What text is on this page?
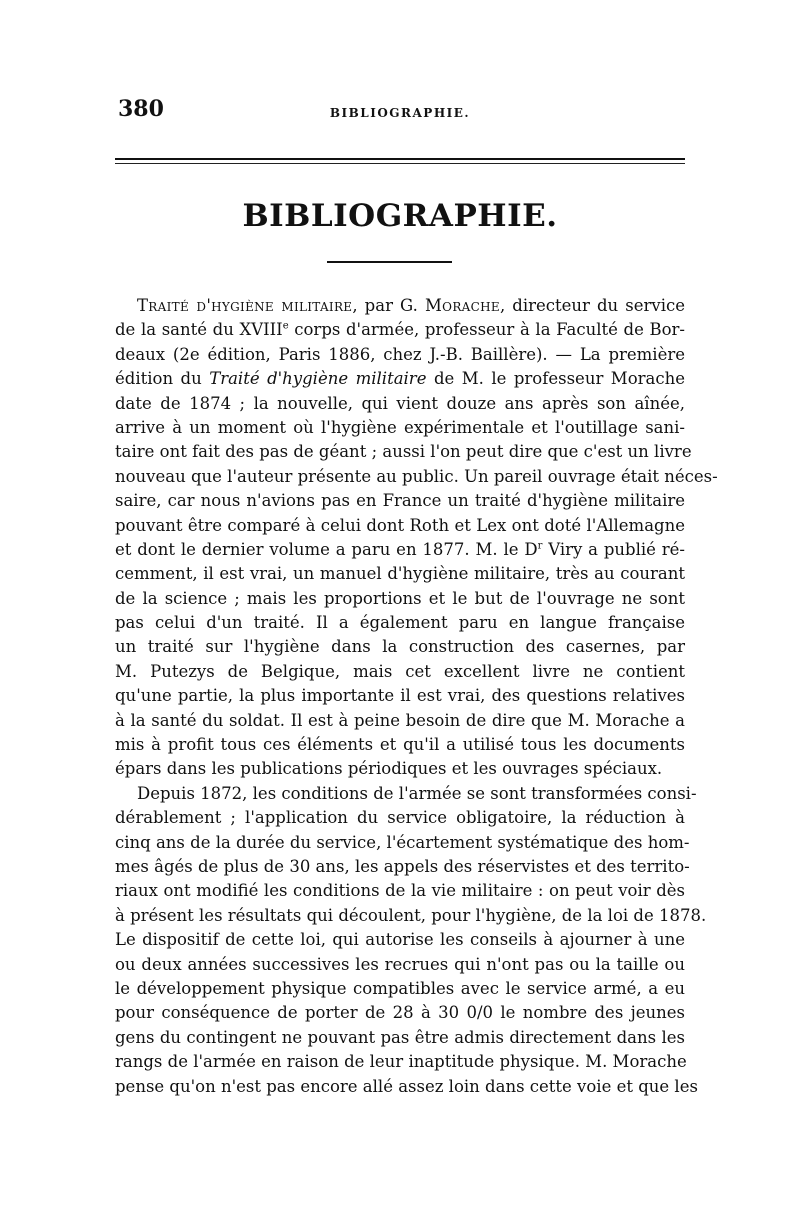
380	BIBLIOGRAPHIE.
BIBLIOGRAPHIE.
Traité d'hygiène militaire, par G. Morache, directeur du service
de la santé du XVIIIe corps d'armée, professeur à la Faculté de Bor-
deaux (2e édition, Paris 1886, chez J.-B. Baillère). — La première
édition du Traité d'hygiène militaire de M. le professeur Morache
date de 1874 ; la nouvelle, qui vient douze ans après son aînée,
arrive à un moment où l'hygiène expérimentale et l'outillage sani-
taire ont fait des pas de géant ; aussi l'on peut dire que c'est un livre
nouveau que l'auteur présente au public. Un pareil ouvrage était néces-
saire, car nous n'avions pas en France un traité d'hygiène militaire
pouvant être comparé à celui dont Roth et Lex ont doté l'Allemagne
et dont le dernier volume a paru en 1877. M. le $D^r$ Viry a publié ré-
cemment, il est vrai, un manuel d'hygiène militaire, très au courant
de la science ; mais les proportions et le but de l'ouvrage ne sont
pas celui d'un traité. Il a également paru en langue française
un traité sur l'hygiène dans la construction des casernes, par
M. Putezys de Belgique, mais cet excellent livre ne contient
qu'une partie, la plus importante il est vrai, des questions relatives
à la santé du soldat. Il est à peine besoin de dire que M. Morache a
mis à profit tous ces éléments et qu'il a utilisé tous les documents
épars dans les publications périodiques et les ouvrages spéciaux.
Depuis 1872, les conditions de l'armée se sont transformées consi-
dérablement ; l'application du service obligatoire, la réduction à
cinq ans de la durée du service, l'écartement systématique des hom-
mes âgés de plus de 30 ans, les appels des réservistes et des territo-
riaux ont modifié les conditions de la vie militaire : on peut voir dès
à présent les résultats qui découlent, pour l'hygiène, de la loi de 1878.
Le dispositif de cette loi, qui autorise les conseils à ajourner à une
ou deux années successives les recrues qui n'ont pas ou la taille ou
le développement physique compatibles avec le service armé, a eu
pour conséquence de porter de 28 à 30 0/0 le nombre des jeunes
gens du contingent ne pouvant pas être admis directement dans les
rangs de l'armée en raison de leur inaptitude physique. M. Morache
pense qu'on n'est pas encore allé assez loin dans cette voie et que les
